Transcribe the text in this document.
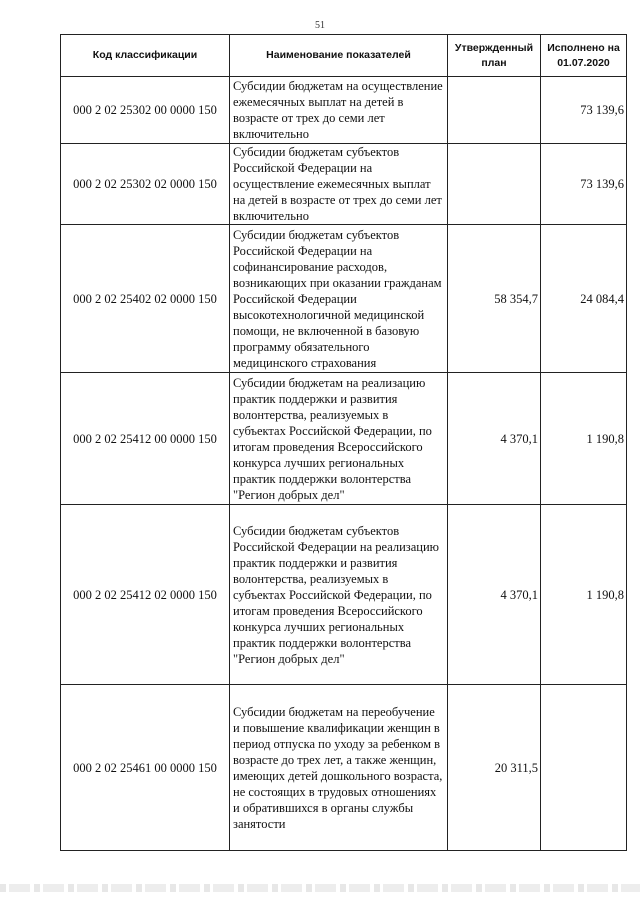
51
Код классификации	Наименование показателей	Утвержденный план	Исполнено на 01.07.2020
000 2 02 25302 00 0000 150	Субсидии бюджетам на осуществление ежемесячных выплат на детей в возрасте от трех до семи лет включительно		73 139,6
000 2 02 25302 02 0000 150	Субсидии бюджетам субъектов Российской Федерации на осуществление ежемесячных выплат на детей в возрасте от трех до семи лет включительно		73 139,6
000 2 02 25402 02 0000 150	Субсидии бюджетам субъектов Российской Федерации на софинансирование расходов, возникающих при оказании гражданам Российской Федерации высокотехнологичной медицинской помощи, не включенной в базовую программу обязательного медицинского страхования	58 354,7	24 084,4
000 2 02 25412 00 0000 150	Субсидии бюджетам на реализацию практик поддержки и развития волонтерства, реализуемых в субъектах Российской Федерации, по итогам проведения Всероссийского конкурса лучших региональных практик поддержки волонтерства "Регион добрых дел"	4 370,1	1 190,8
000 2 02 25412 02 0000 150	Субсидии бюджетам субъектов Российской Федерации на реализацию практик поддержки и развития волонтерства, реализуемых в субъектах Российской Федерации, по итогам проведения Всероссийского конкурса лучших региональных практик поддержки волонтерства "Регион добрых дел"	4 370,1	1 190,8
000 2 02 25461 00 0000 150	Субсидии бюджетам на переобучение и повышение квалификации женщин в период отпуска по уходу за ребенком в возрасте до трех лет, а также женщин, имеющих детей дошкольного возраста, не состоящих в трудовых отношениях и обратившихся в органы службы занятости	20 311,5	
